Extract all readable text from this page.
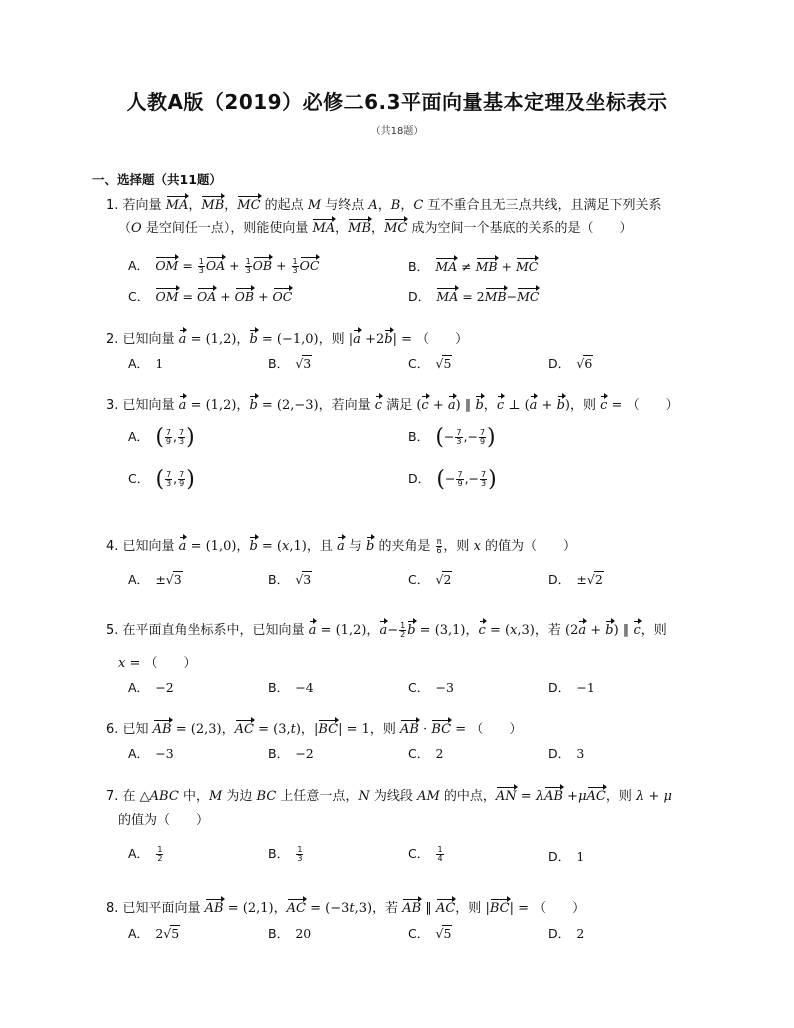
人教A版（2019）必修二6.3平面向量基本定理及坐标表示
（共18题）
一、选择题（共11题）
1. 若向量 MA，MB，MC 的起点 M 与终点 A，B，C 互不重合且无三点共线，且满足下列关系
（O 是空间任一点），则能使向量 MA，MB，MC 成为空间一个基底的关系的是（　　）
A．　OM = $\frac{1}{3}$ OA + $\frac{1}{3}$ OB + $\frac{1}{3}$ OC	B．　MA ≠ MB + MC
C．　OM = OA + OB + OC	D．　MA = 2MB−MC
2. 已知向量 a = (1,2)，b = (−1,0)，则 |a +2b| = （　　）
A．　1	B．　√3	C．　√5	D．　√6
3. 已知向量 a = (1,2)，b = (2,−3)，若向量 c 满足 (c + a) ∥ b，c ⊥ (a + b)，则 c = （　　）
A．　( $\frac{7}{9}$ , $\frac{7}{3}$ )	B．　(− $\frac{7}{3}$ ,− $\frac{7}{9}$ )
C．　( $\frac{7}{3}$ , $\frac{7}{9}$ )	D．　(− $\frac{7}{9}$ ,− $\frac{7}{3}$ )
4. 已知向量 a = (1,0)，b = (x,1)，且 a 与 b 的夹角是 $\frac{\pi}{6}$ ，则 x 的值为（　　）
A．　±√3	B．　√3	C．　√2	D．　±√2
5. 在平面直角坐标系中，已知向量 a = (1,2)，$a- \frac{1}{2}$ b = (3,1)，c = (x,3)，若 (2a + b) ∥ c，则
x = （　　）
A．　−2	B．　−4	C．　−3	D．　−1
6. 已知 AB = (2,3)，AC = (3,t)，|BC| = 1，则 AB · BC = （　　）
A．　−3	B．　−2	C．　2	D．　3
7. 在 △ABC 中，M 为边 BC 上任意一点，N 为线段 AM 的中点，AN = λAB +μAC，则 λ + μ
的值为（　　）
A．　 $\frac{1}{2}$	B．　 $\frac{1}{3}$	C．　 $\frac{1}{4}$	D．　1
8. 已知平面向量 AB = (2,1)，AC = (−3t,3)，若 AB ∥ AC，则 |BC| = （　　）
A．　2√5	B．　20	C．　√5	D．　2
